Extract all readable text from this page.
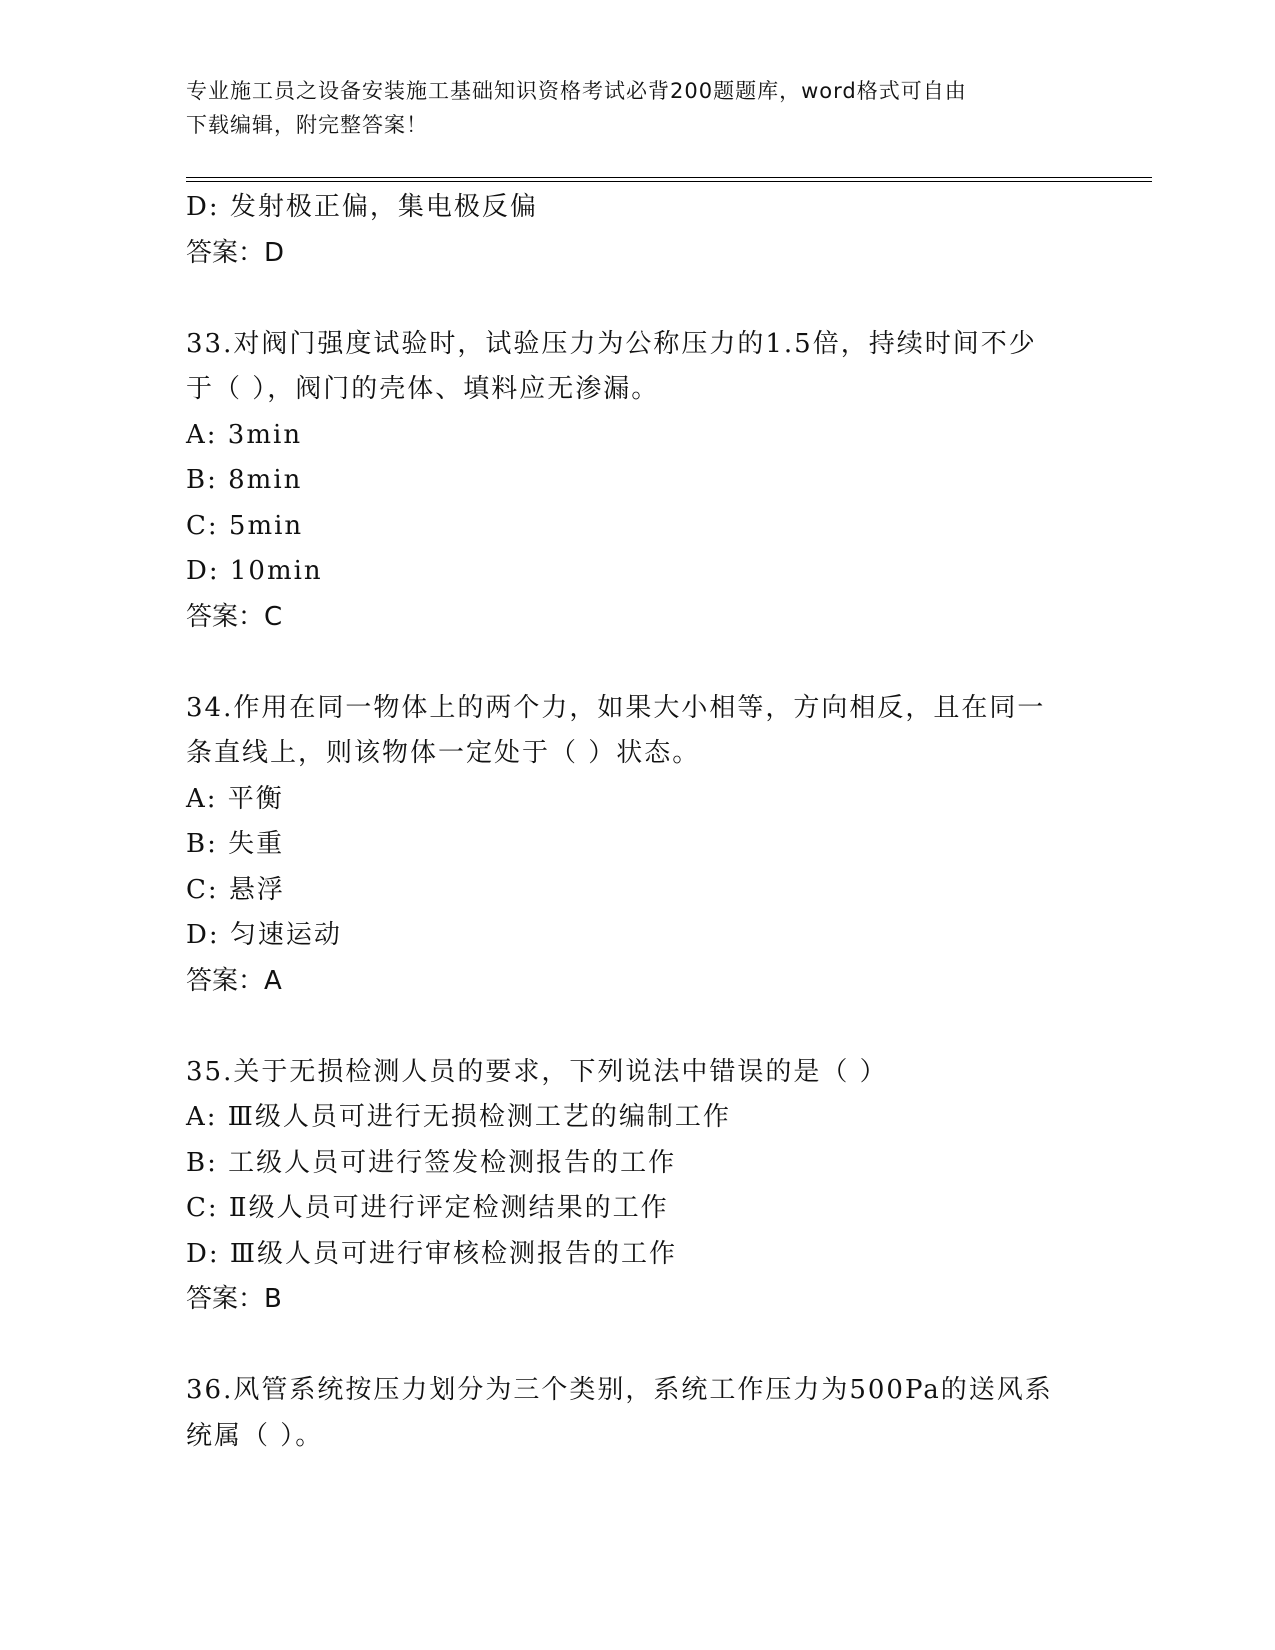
专业施工员之设备安装施工基础知识资格考试必背200题题库，word格式可自由
下载编辑，附完整答案！
D: 发射极正偏，集电极反偏
答案：D
33.对阀门强度试验时，试验压力为公称压力的1.5倍，持续时间不少
于（ ），阀门的壳体、填料应无渗漏。
A: 3min
B: 8min
C: 5min
D: 10min
答案：C
34.作用在同一物体上的两个力，如果大小相等，方向相反，且在同一
条直线上，则该物体一定处于（ ）状态。
A: 平衡
B: 失重
C: 悬浮
D: 匀速运动
答案：A
35.关于无损检测人员的要求，下列说法中错误的是（ ）
A: Ⅲ级人员可进行无损检测工艺的编制工作
B: 工级人员可进行签发检测报告的工作
C: Ⅱ级人员可进行评定检测结果的工作
D: Ⅲ级人员可进行审核检测报告的工作
答案：B
36.风管系统按压力划分为三个类别，系统工作压力为500Pa的送风系
统属（ ）。
